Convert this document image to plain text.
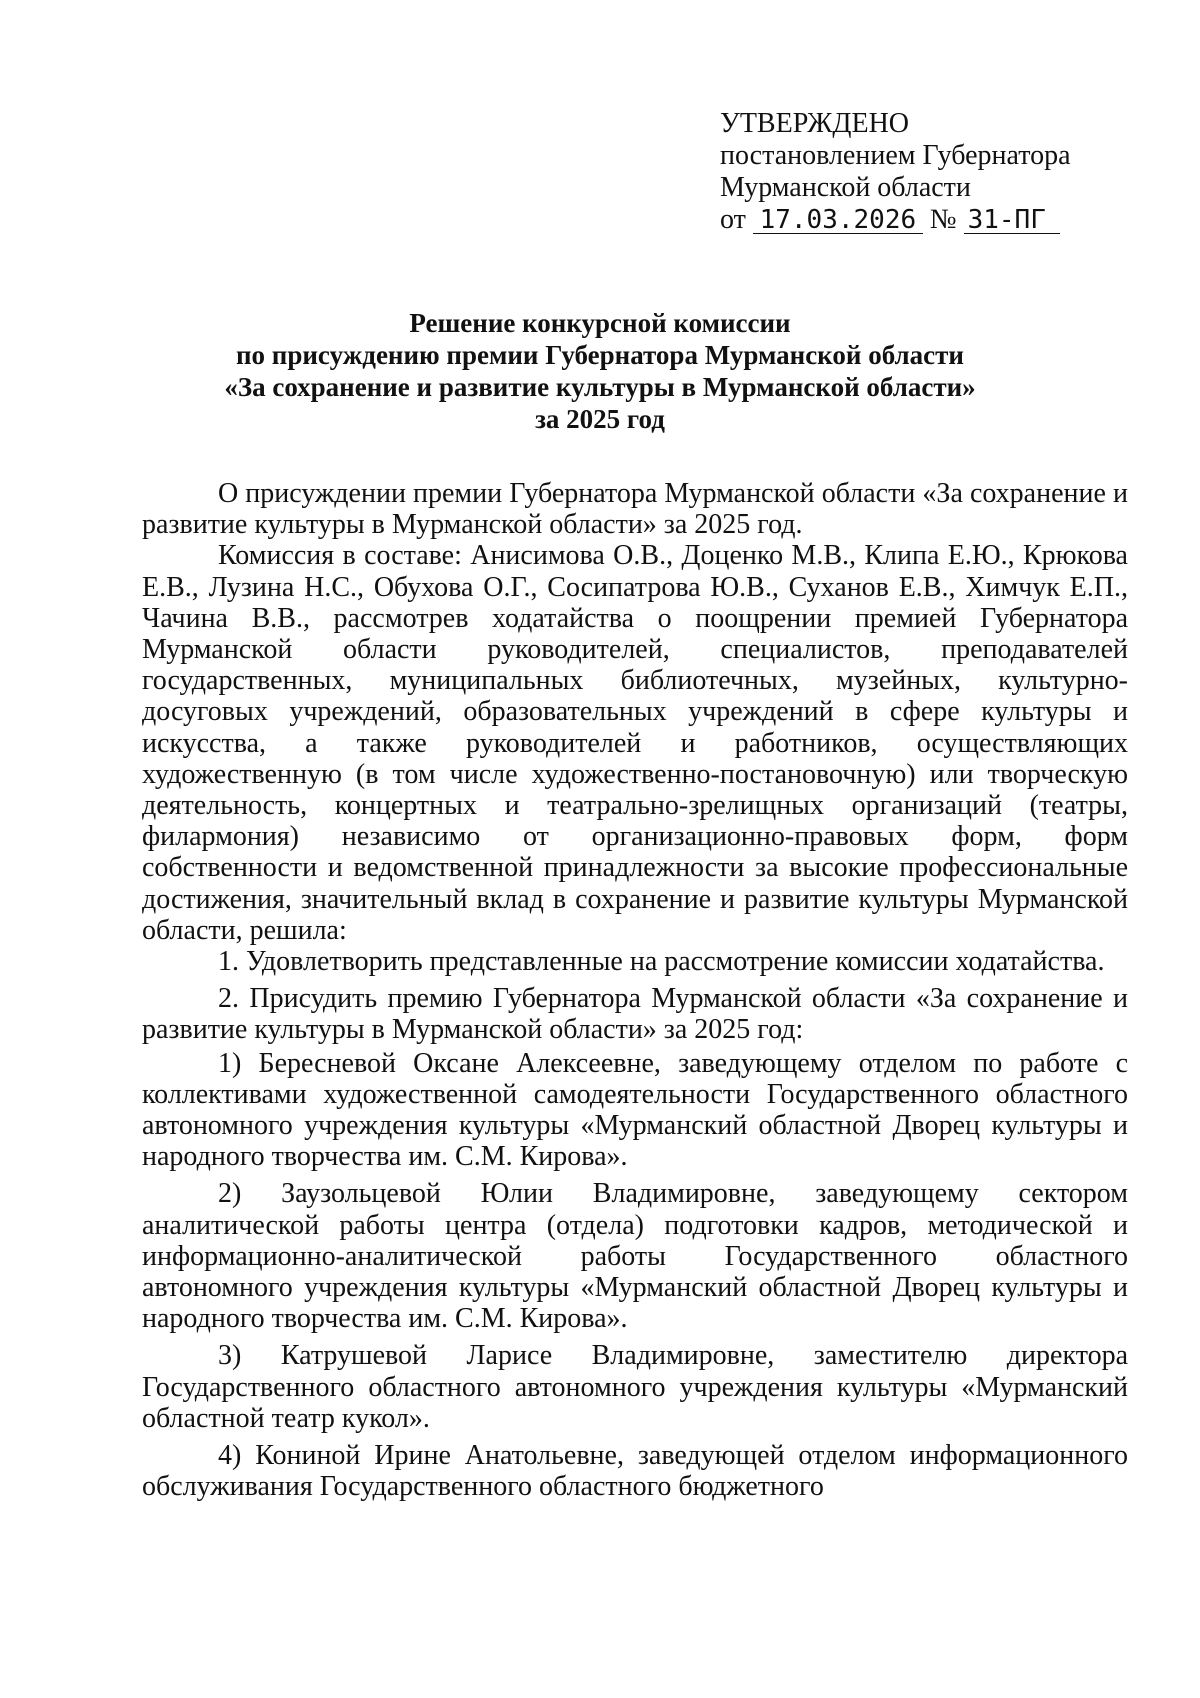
УТВЕРЖДЕНО
постановлением Губернатора
Мурманской области
от 17.03.2026 № 31-ПГ
Решение конкурсной комиссии
по присуждению премии Губернатора Мурманской области
«За сохранение и развитие культуры в Мурманской области»
за 2025 год

О присуждении премии Губернатора Мурманской области «За сохранение и развитие культуры в Мурманской области» за 2025 год.

Комиссия в составе: Анисимова О.В., Доценко М.В., Клипа Е.Ю., Крюкова Е.В., Лузина Н.С., Обухова О.Г., Сосипатрова Ю.В., Суханов Е.В., Химчук Е.П., Чачина В.В., рассмотрев ходатайства о поощрении премией Губернатора Мурманской области руководителей, специалистов, преподавателей государственных, муниципальных библиотечных, музейных, культурно-досуговых учреждений, образовательных учреждений в сфере культуры и искусства, а также руководителей и работников, осуществляющих художественную (в том числе художественно-постановочную) или творческую деятельность, концертных и театрально-зрелищных организаций (театры, филармония) независимо от организационно-правовых форм, форм собственности и ведомственной принадлежности за высокие профессиональные достижения, значительный вклад в сохранение и развитие культуры Мурманской области, решила:

1. Удовлетворить представленные на рассмотрение комиссии ходатайства.

2. Присудить премию Губернатора Мурманской области «За сохранение и развитие культуры в Мурманской области» за 2025 год:

1) Бересневой Оксане Алексеевне, заведующему отделом по работе с коллективами художественной самодеятельности Государственного областного автономного учреждения культуры «Мурманский областной Дворец культуры и народного творчества им. С.М. Кирова».

2) Заузольцевой Юлии Владимировне, заведующему сектором аналитической работы центра (отдела) подготовки кадров, методической и информационно-аналитической работы Государственного областного автономного учреждения культуры «Мурманский областной Дворец культуры и народного творчества им. С.М. Кирова».

3) Катрушевой Ларисе Владимировне, заместителю директора Государственного областного автономного учреждения культуры «Мурманский областной театр кукол».

4) Кониной Ирине Анатольевне, заведующей отделом информационного обслуживания Государственного областного бюджетного
